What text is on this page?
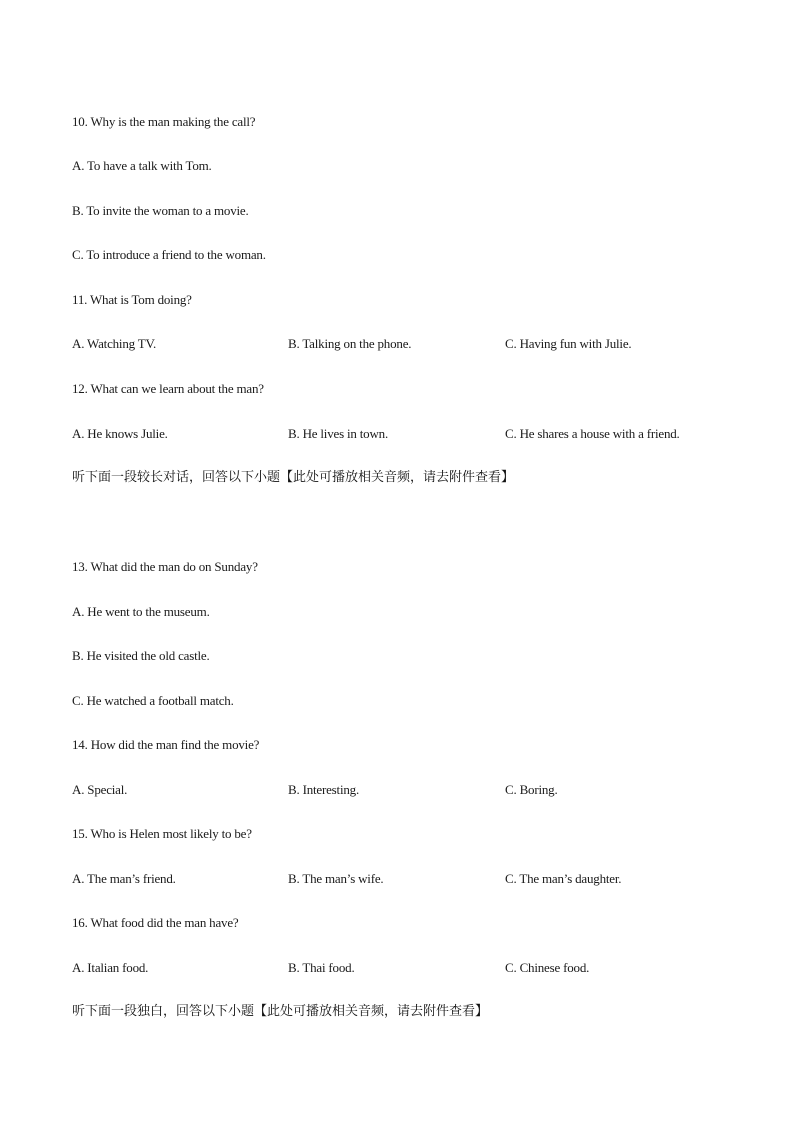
10. Why is the man making the call?
A. To have a talk with Tom.
B. To invite the woman to a movie.
C. To introduce a friend to the woman.
11. What is Tom doing?
A. Watching TV.	B. Talking on the phone.	C. Having fun with Julie.
12. What can we learn about the man?
A. He knows Julie.	B. He lives in town.	C. He shares a house with a friend.
听下面一段较长对话，回答以下小题【此处可播放相关音频，请去附件查看】
13. What did the man do on Sunday?
A. He went to the museum.
B. He visited the old castle.
C. He watched a football match.
14. How did the man find the movie?
A. Special.	B. Interesting.	C. Boring.
15. Who is Helen most likely to be?
A. The man’s friend.	B. The man’s wife.	C. The man’s daughter.
16. What food did the man have?
A. Italian food.	B. Thai food.	C. Chinese food.
听下面一段独白，回答以下小题【此处可播放相关音频，请去附件查看】
